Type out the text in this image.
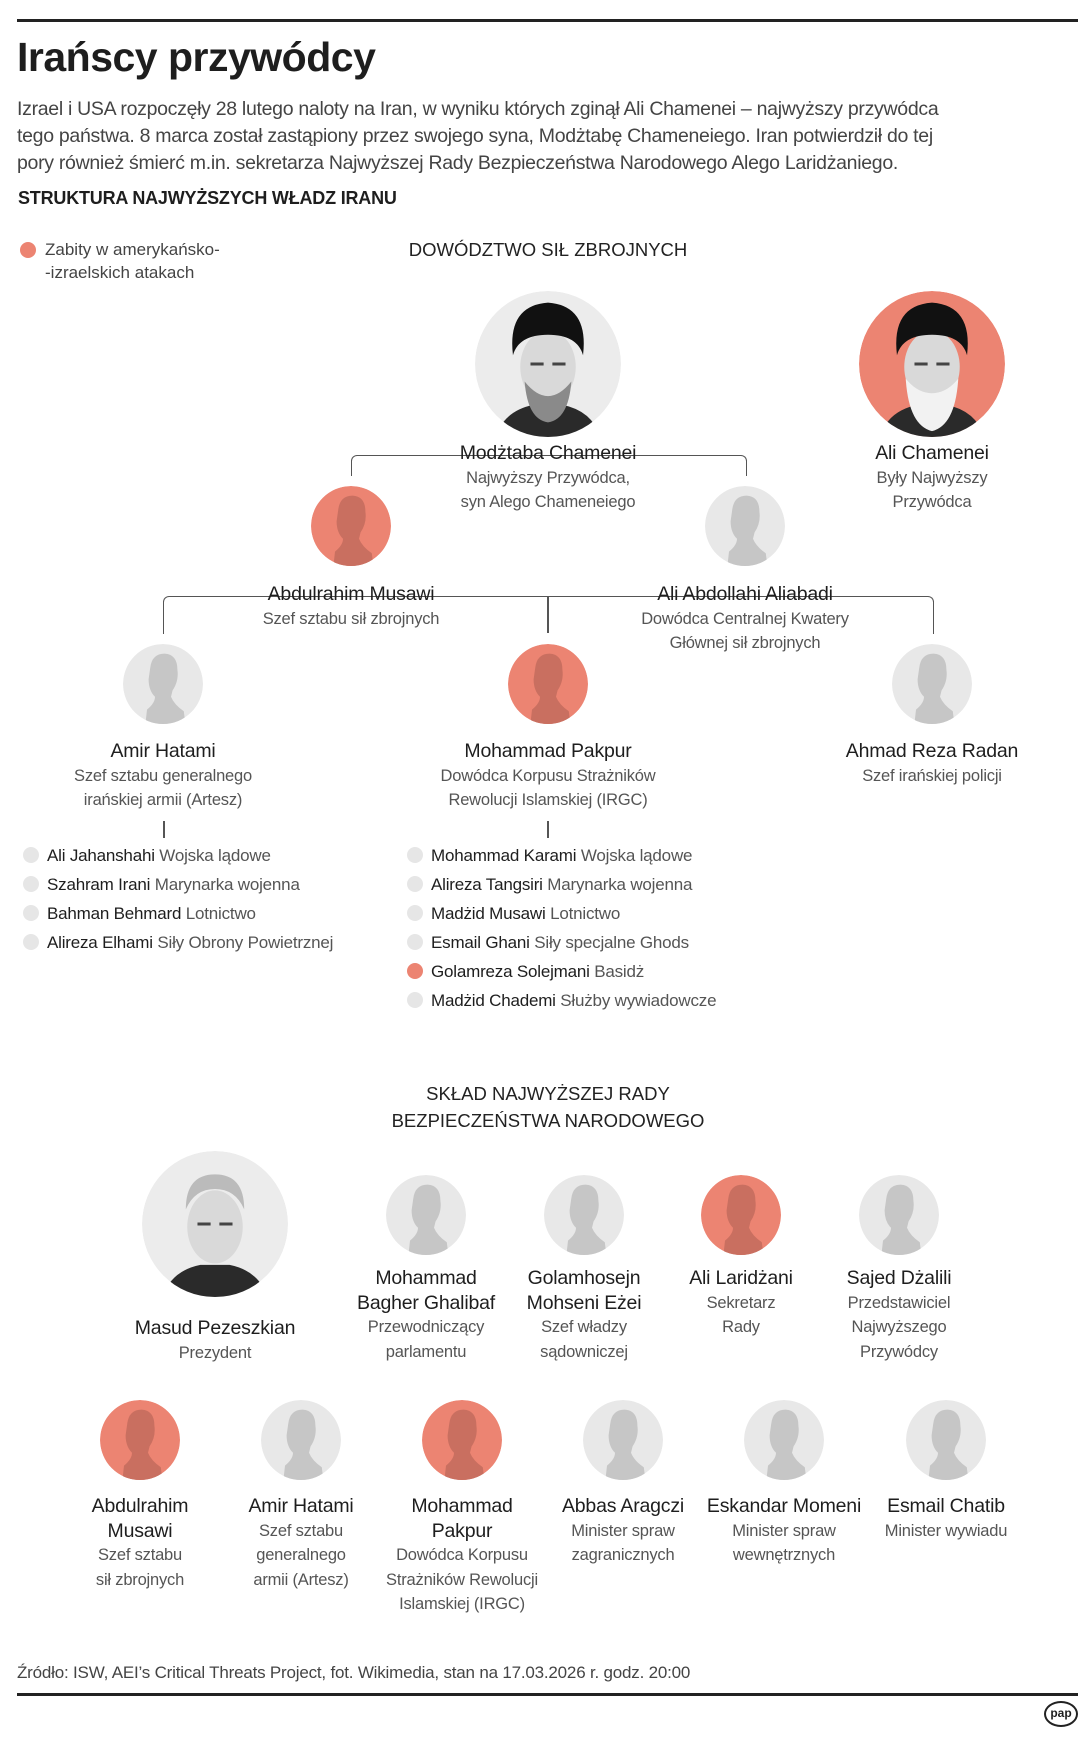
Irańscy przywódcy
Izrael i USA rozpoczęły 28 lutego naloty na Iran, w wyniku których zginął Ali Chamenei – najwyższy przywódca
tego państwa. 8 marca został zastąpiony przez swojego syna, Modżtabę Chameneiego. Iran potwierdził do tej
pory również śmierć m.in. sekretarza Najwyższej Rady Bezpieczeństwa Narodowego Alego Laridżaniego.
STRUKTURA NAJWYŻSZYCH WŁADZ IRANU
Zabity w amerykańsko-
-izraelskich atakach
DOWÓDZTWO SIŁ ZBROJNYCH
Modżtaba Chamenei
Najwyższy Przywódca,
syn Alego Chameneiego
Ali Chamenei
Były Najwyższy
Przywódca
Abdulrahim Musawi
Szef sztabu sił zbrojnych
Ali Abdollahi Aliabadi
Dowódca Centralnej Kwatery
Głównej sił zbrojnych
Amir Hatami
Szef sztabu generalnego
irańskiej armii (Artesz)
Mohammad Pakpur
Dowódca Korpusu Strażników
Rewolucji Islamskiej (IRGC)
Ahmad Reza Radan
Szef irańskiej policji
Masud Pezeszkian
Prezydent
Mohammad
Bagher Ghalibaf
Przewodniczący
parlamentu
Golamhosejn
Mohseni Eżei
Szef władzy
sądowniczej
Ali Laridżani
Sekretarz
Rady
Sajed Dżalili
Przedstawiciel
Najwyższego
Przywódcy
Abdulrahim
Musawi
Szef sztabu
sił zbrojnych
Amir Hatami
Szef sztabu
generalnego
armii (Artesz)
Mohammad
Pakpur
Dowódca Korpusu
Strażników Rewolucji
Islamskiej (IRGC)
Abbas Aragczi
Minister spraw
zagranicznych
Eskandar Momeni
Minister spraw
wewnętrznych
Esmail Chatib
Minister wywiadu
Ali Jahanshahi Wojska lądowe
Szahram Irani Marynarka wojenna
Bahman Behmard Lotnictwo
Alireza Elhami Siły Obrony Powietrznej
Mohammad Karami Wojska lądowe
Alireza Tangsiri Marynarka wojenna
Madżid Musawi Lotnictwo
Esmail Ghani Siły specjalne Ghods
Golamreza Solejmani Basidż
Madżid Chademi Służby wywiadowcze
SKŁAD NAJWYŻSZEJ RADY
BEZPIECZEŃSTWA NARODOWEGO
Źródło: ISW, AEI’s Critical Threats Project, fot. Wikimedia, stan na 17.03.2026 r. godz. 20:00
pap
